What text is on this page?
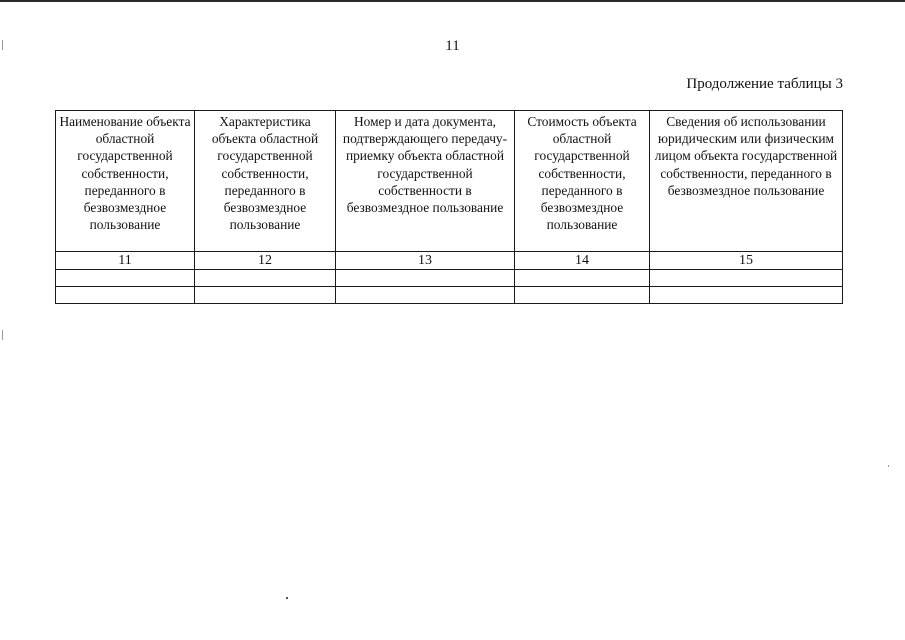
11
Продолжение таблицы 3
Наименование объекта областной государственной собственности, переданного в безвозмездное пользование	Характеристика объекта областной государственной собственности, переданного в безвозмездное пользование	Номер и дата документа, подтверждающего передачу-приемку объекта областной государственной собственности в безвозмездное пользование	Стоимость объекта областной государственной собственности, переданного в безвозмездное пользование	Сведения об использовании юридическим или физическим лицом объекта государственной собственности, переданного в безвозмездное пользование
11	12	13	14	15
